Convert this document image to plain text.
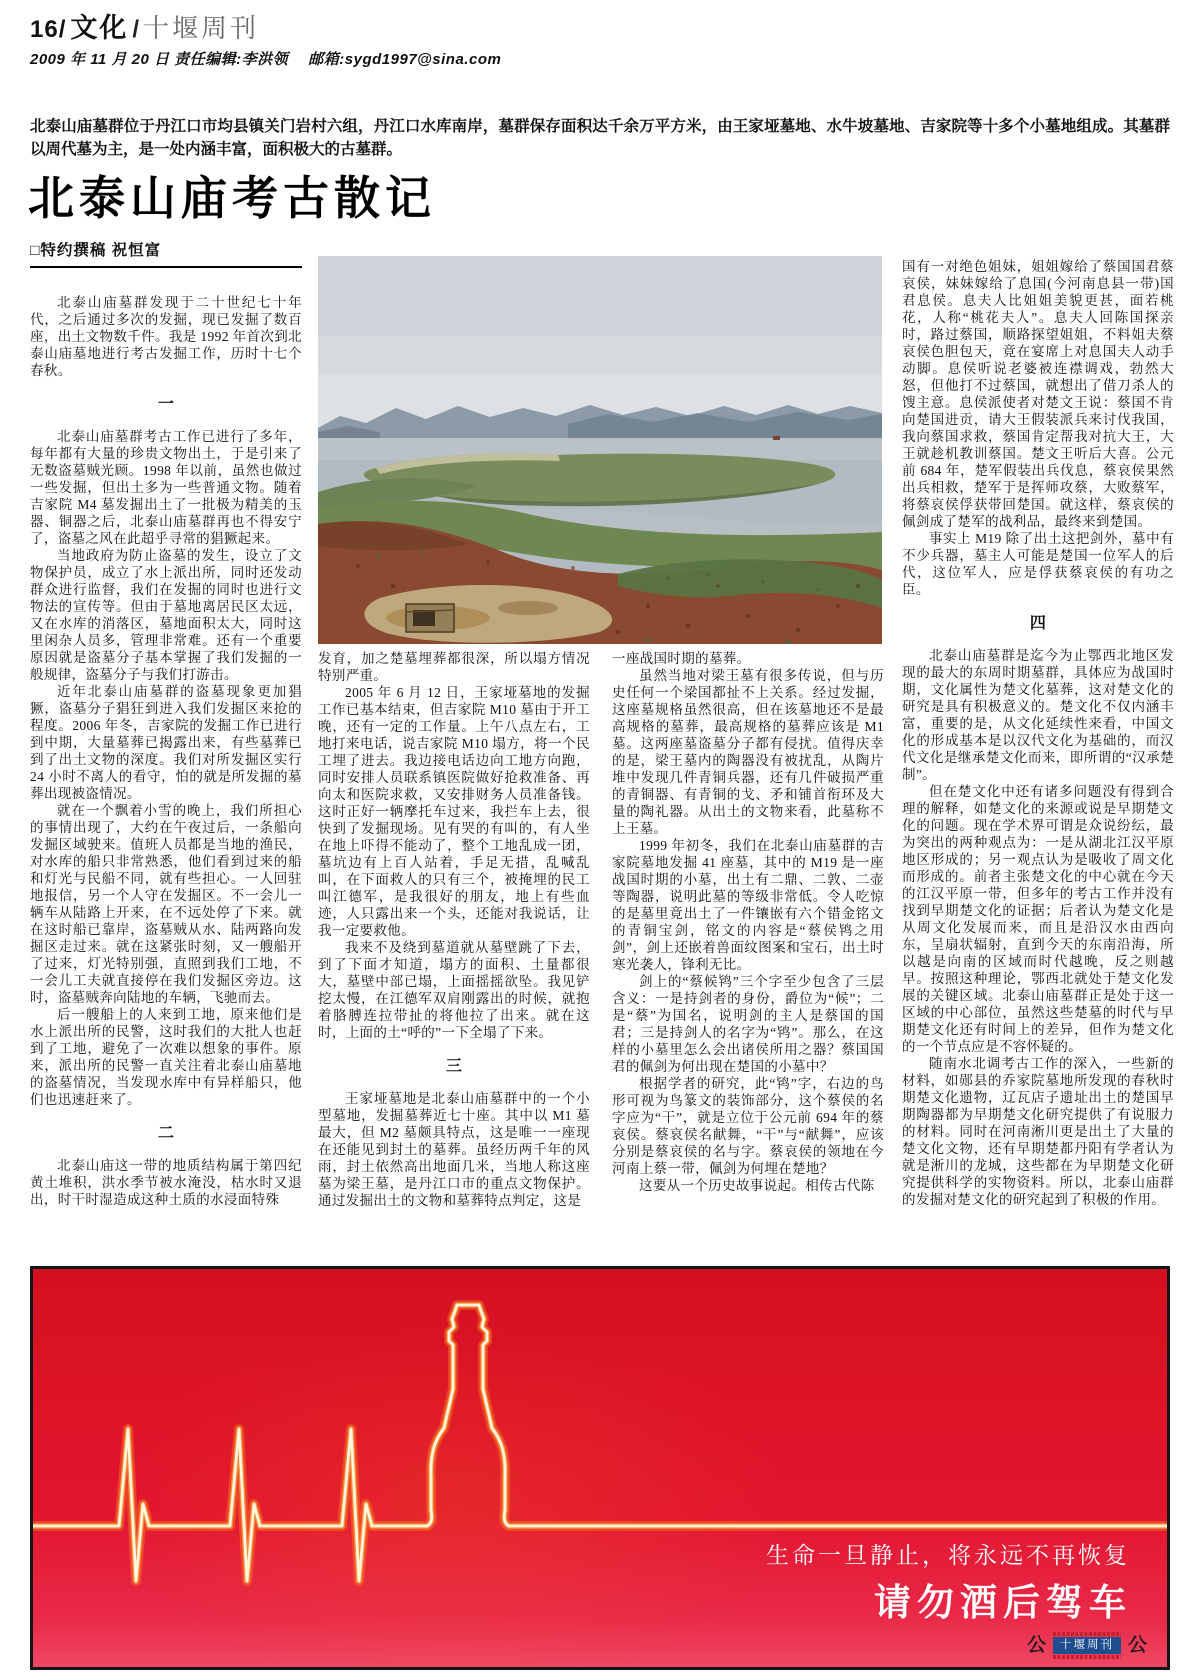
16/ 文化 / 十堰周刊
2009 年 11 月 20 日 责任编辑:李洪领　 邮箱:sygd1997@sina.com
北泰山庙墓群位于丹江口市均县镇关门岩村六组，丹江口水库南岸，墓群保存面积达千余万平方米，由王家垭墓地、水牛坡墓地、吉家院等十多个小墓地组成。其墓群以周代墓为主，是一处内涵丰富，面积极大的古墓群。
北泰山庙考古散记
□特约撰稿 祝恒富

北泰山庙墓群发现于二十世纪七十年代，之后通过多次的发掘，现已发掘了数百座，出土文物数千件。我是 1992 年首次到北泰山庙墓地进行考古发掘工作，历时十七个春秋。

一

北泰山庙墓群考古工作已进行了多年，每年都有大量的珍贵文物出土，于是引来了无数盗墓贼光顾。1998 年以前，虽然也做过一些发掘，但出土多为一些普通文物。随着吉家院 M4 墓发掘出土了一批极为精美的玉器、铜器之后，北泰山庙墓群再也不得安宁了，盗墓之风在此超乎寻常的猖獗起来。

当地政府为防止盗墓的发生，设立了文物保护员，成立了水上派出所，同时还发动群众进行监督，我们在发掘的同时也进行文物法的宣传等。但由于墓地离居民区太远，又在水库的消落区，墓地面积太大，同时这里闲杂人员多，管理非常难。还有一个重要原因就是盗墓分子基本掌握了我们发掘的一般规律，盗墓分子与我们打游击。

近年北泰山庙墓群的盗墓现象更加猖獗，盗墓分子猖狂到进入我们发掘区来抢的程度。2006 年冬，吉家院的发掘工作已进行到中期，大量墓葬已揭露出来，有些墓葬已到了出土文物的深度。我们对所发掘区实行 24 小时不离人的看守，怕的就是所发掘的墓葬出现被盗情况。

就在一个飘着小雪的晚上，我们所担心的事情出现了，大约在午夜过后，一条船向发掘区域驶来。值班人员都是当地的渔民，对水库的船只非常熟悉，他们看到过来的船和灯光与民船不同，就有些担心。一人回驻地报信，另一个人守在发掘区。不一会儿一辆车从陆路上开来，在不远处停了下来。就在这时船已靠岸，盗墓贼从水、陆两路向发掘区走过来。就在这紧张时刻，又一艘船开了过来，灯光特别强，直照到我们工地，不一会儿工夫就直接停在我们发掘区旁边。这时，盗墓贼奔向陆地的车辆，飞驰而去。

后一艘船上的人来到工地，原来他们是水上派出所的民警，这时我们的大批人也赶到了工地，避免了一次难以想象的事件。原来，派出所的民警一直关注着北泰山庙墓地的盗墓情况，当发现水库中有异样船只，他们也迅速赶来了。

二

北泰山庙这一带的地质结构属于第四纪黄土堆积，洪水季节被水淹没，枯水时又退出，时干时湿造成这种土质的水浸面特殊

发育，加之楚墓埋葬都很深，所以塌方情况特别严重。

2005 年 6 月 12 日，王家垭墓地的发掘工作已基本结束，但吉家院 M10 墓由于开工晚，还有一定的工作量。上午八点左右，工地打来电话，说吉家院 M10 塌方，将一个民工埋了进去。我边接电话边向工地方向跑，同时安排人员联系镇医院做好抢救准备、再向太和医院求救，又安排财务人员准备钱。这时正好一辆摩托车过来，我拦车上去，很快到了发掘现场。见有哭的有叫的，有人坐在地上吓得不能动了，整个工地乱成一团，墓坑边有上百人站着，手足无措，乱喊乱叫，在下面救人的只有三个，被掩埋的民工叫江德军，是我很好的朋友，地上有些血迹，人只露出来一个头，还能对我说话，让我一定要救他。

我来不及绕到墓道就从墓壁跳了下去，到了下面才知道，塌方的面积、土量都很大，墓壁中部已塌，上面摇摇欲坠。我见铲挖太慢，在江德军双肩刚露出的时候，就抱着胳膊连拉带扯的将他拉了出来。就在这时，上面的土“呼的”一下全塌了下来。

三

王家垭墓地是北泰山庙墓群中的一个小型墓地，发掘墓葬近七十座。其中以 M1 墓最大，但 M2 墓颇具特点，这是唯一一座现在还能见到封土的墓葬。虽经历两千年的风雨，封土依然高出地面几米，当地人称这座墓为梁王墓，是丹江口市的重点文物保护。通过发掘出土的文物和墓葬特点判定，这是

一座战国时期的墓葬。

虽然当地对梁王墓有很多传说，但与历史任何一个梁国都扯不上关系。经过发掘，这座墓规格虽然很高，但在该墓地还不是最高规格的墓葬，最高规格的墓葬应该是 M1 墓。这两座墓盗墓分子都有侵扰。值得庆幸的是，梁王墓内的陶器没有被扰乱，从陶片堆中发现几件青铜兵器，还有几件破损严重的青铜器、有青铜的戈、矛和铺首衔环及大量的陶礼器。从出土的文物来看，此墓称不上王墓。

1999 年初冬，我们在北泰山庙墓群的吉家院墓地发掘 41 座墓，其中的 M19 是一座战国时期的小墓，出土有二鼎、二敦、二壶等陶器，说明此墓的等级非常低。令人吃惊的是墓里竟出土了一件镶嵌有六个错金铭文的青铜宝剑，铭文的内容是“蔡侯鸨之用剑”，剑上还嵌着兽面纹图案和宝石，出土时寒光袭人，锋利无比。

剑上的“蔡候鸨”三个字至少包含了三层含义：一是持剑者的身份，爵位为“候”；二是“蔡”为国名，说明剑的主人是蔡国的国君；三是持剑人的名字为“鸨”。那么，在这样的小墓里怎么会出诸侯所用之器？蔡国国君的佩剑为何出现在楚国的小墓中？

根据学者的研究，此“鸨”字，右边的鸟形可视为鸟篆文的装饰部分，这个蔡侯的名字应为“干”，就是立位于公元前 694 年的蔡哀侯。蔡哀侯名献舞，“干”与“献舞”，应该分别是蔡哀侯的名与字。蔡哀侯的领地在今河南上蔡一带，佩剑为何埋在楚地？

这要从一个历史故事说起。相传古代陈

国有一对绝色姐妹，姐姐嫁给了蔡国国君蔡哀侯，妹妹嫁给了息国(今河南息县一带)国君息侯。息夫人比姐姐美貌更甚，面若桃花，人称“桃花夫人”。息夫人回陈国探亲时，路过蔡国，顺路探望姐姐，不料姐夫蔡哀侯色胆包天，竟在宴席上对息国夫人动手动脚。息侯听说老婆被连襟调戏，勃然大怒，但他打不过蔡国，就想出了借刀杀人的馊主意。息侯派使者对楚文王说：蔡国不肯向楚国进贡，请大王假装派兵来讨伐我国，我向蔡国求救，蔡国肯定帮我对抗大王，大王就趁机教训蔡国。楚文王听后大喜。公元前 684 年，楚军假装出兵伐息，蔡哀侯果然出兵相救，楚军于是挥师攻蔡，大败蔡军，将蔡哀侯俘获带回楚国。就这样，蔡哀侯的佩剑成了楚军的战利品，最终来到楚国。

事实上 M19 除了出土这把剑外，墓中有不少兵器，墓主人可能是楚国一位军人的后代，这位军人，应是俘获蔡哀侯的有功之臣。

四

北泰山庙墓群是迄今为止鄂西北地区发现的最大的东周时期墓群，具体应为战国时期，文化属性为楚文化墓葬，这对楚文化的研究是具有积极意义的。楚文化不仅内涵丰富，重要的是，从文化延续性来看，中国文化的形成基本是以汉代文化为基础的，而汉代文化是继承楚文化而来，即所谓的“汉承楚制”。

但在楚文化中还有诸多问题没有得到合理的解释，如楚文化的来源或说是早期楚文化的问题。现在学术界可谓是众说纷纭，最为突出的两种观点为：一是从湖北江汉平原地区形成的；另一观点认为是吸收了周文化而形成的。前者主张楚文化的中心就在今天的江汉平原一带，但多年的考古工作并没有找到早期楚文化的证据；后者认为楚文化是从周文化发展而来，而且是沿汉水由西向东，呈扇状辐射，直到今天的东南沿海，所以越是向南的区域而时代越晚，反之则越早。按照这种理论，鄂西北就处于楚文化发展的关键区域。北泰山庙墓群正是处于这一区域的中心部位，虽然这些楚墓的时代与早期楚文化还有时间上的差异，但作为楚文化的一个节点应是不容怀疑的。

随南水北调考古工作的深入，一些新的材料，如郧县的乔家院墓地所发现的春秋时期楚文化遗物，辽瓦店子遗址出土的楚国早期陶器都为早期楚文化研究提供了有说服力的材料。同时在河南淅川更是出土了大量的楚文化文物，还有早期楚都丹阳有学者认为就是淅川的龙城，这些都在为早期楚文化研究提供科学的实物资料。所以，北泰山庙群的发掘对楚文化的研究起到了积极的作用。

生命一旦静止，将永远不再恢复
请勿酒后驾车
公	十堰周刊 公
